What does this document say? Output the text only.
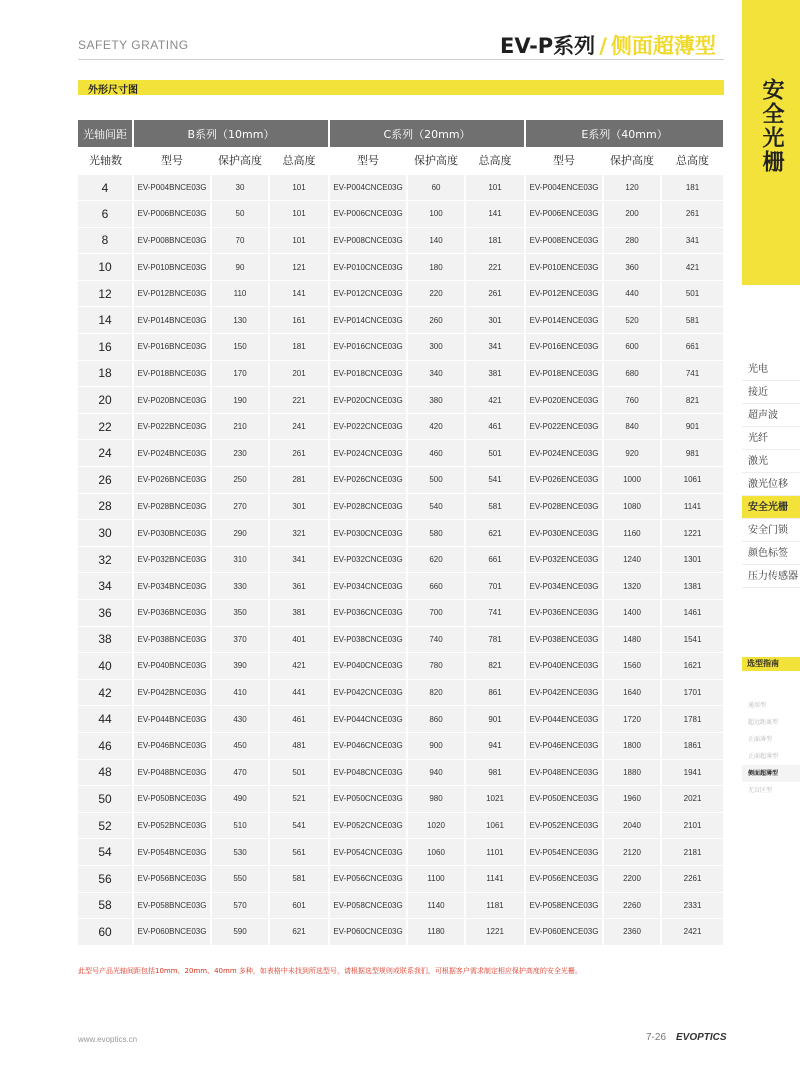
SAFETY GRATING	EV-P系列 / 侧面超薄型
外形尺寸图	安全光栅
光电
接近
超声波
光纤
激光
激光位移
安全光栅
安全门锁
颜色标签
压力传感器
选型指南
通用型
超远距离型
正面薄型
正面超薄型
侧面超薄型
无盲区型
光轴间距	B系列（10mm）			C系列（20mm）			E系列（40mm）		
光轴数	型号	保护高度	总高度	型号	保护高度	总高度	型号	保护高度	总高度
4	EV-P004BNCE03G	30	101	EV-P004CNCE03G	60	101	EV-P004ENCE03G	120	181
6	EV-P006BNCE03G	50	101	EV-P006CNCE03G	100	141	EV-P006ENCE03G	200	261
8	EV-P008BNCE03G	70	101	EV-P008CNCE03G	140	181	EV-P008ENCE03G	280	341
10	EV-P010BNCE03G	90	121	EV-P010CNCE03G	180	221	EV-P010ENCE03G	360	421
12	EV-P012BNCE03G	110	141	EV-P012CNCE03G	220	261	EV-P012ENCE03G	440	501
14	EV-P014BNCE03G	130	161	EV-P014CNCE03G	260	301	EV-P014ENCE03G	520	581
16	EV-P016BNCE03G	150	181	EV-P016CNCE03G	300	341	EV-P016ENCE03G	600	661
18	EV-P018BNCE03G	170	201	EV-P018CNCE03G	340	381	EV-P018ENCE03G	680	741
20	EV-P020BNCE03G	190	221	EV-P020CNCE03G	380	421	EV-P020ENCE03G	760	821
22	EV-P022BNCE03G	210	241	EV-P022CNCE03G	420	461	EV-P022ENCE03G	840	901
24	EV-P024BNCE03G	230	261	EV-P024CNCE03G	460	501	EV-P024ENCE03G	920	981
26	EV-P026BNCE03G	250	281	EV-P026CNCE03G	500	541	EV-P026ENCE03G	1000	1061
28	EV-P028BNCE03G	270	301	EV-P028CNCE03G	540	581	EV-P028ENCE03G	1080	1141
30	EV-P030BNCE03G	290	321	EV-P030CNCE03G	580	621	EV-P030ENCE03G	1160	1221
32	EV-P032BNCE03G	310	341	EV-P032CNCE03G	620	661	EV-P032ENCE03G	1240	1301
34	EV-P034BNCE03G	330	361	EV-P034CNCE03G	660	701	EV-P034ENCE03G	1320	1381
36	EV-P036BNCE03G	350	381	EV-P036CNCE03G	700	741	EV-P036ENCE03G	1400	1461
38	EV-P038BNCE03G	370	401	EV-P038CNCE03G	740	781	EV-P038ENCE03G	1480	1541
40	EV-P040BNCE03G	390	421	EV-P040CNCE03G	780	821	EV-P040ENCE03G	1560	1621
42	EV-P042BNCE03G	410	441	EV-P042CNCE03G	820	861	EV-P042ENCE03G	1640	1701
44	EV-P044BNCE03G	430	461	EV-P044CNCE03G	860	901	EV-P044ENCE03G	1720	1781
46	EV-P046BNCE03G	450	481	EV-P046CNCE03G	900	941	EV-P046ENCE03G	1800	1861
48	EV-P048BNCE03G	470	501	EV-P048CNCE03G	940	981	EV-P048ENCE03G	1880	1941
50	EV-P050BNCE03G	490	521	EV-P050CNCE03G	980	1021	EV-P050ENCE03G	1960	2021
52	EV-P052BNCE03G	510	541	EV-P052CNCE03G	1020	1061	EV-P052ENCE03G	2040	2101
54	EV-P054BNCE03G	530	561	EV-P054CNCE03G	1060	1101	EV-P054ENCE03G	2120	2181
56	EV-P056BNCE03G	550	581	EV-P056CNCE03G	1100	1141	EV-P056ENCE03G	2200	2261
58	EV-P058BNCE03G	570	601	EV-P058CNCE03G	1140	1181	EV-P058ENCE03G	2260	2331
60	EV-P060BNCE03G	590	621	EV-P060CNCE03G	1180	1221	EV-P060ENCE03G	2360	2421
此型号产品光轴间距包括10mm、20mm、40mm 多种，如表格中未找到所选型号，请根据选型规则或联系我们，可根据客户需求制定相应保护高度的安全光栅。
www.evoptics.cn	7-26 EVOPTICS
